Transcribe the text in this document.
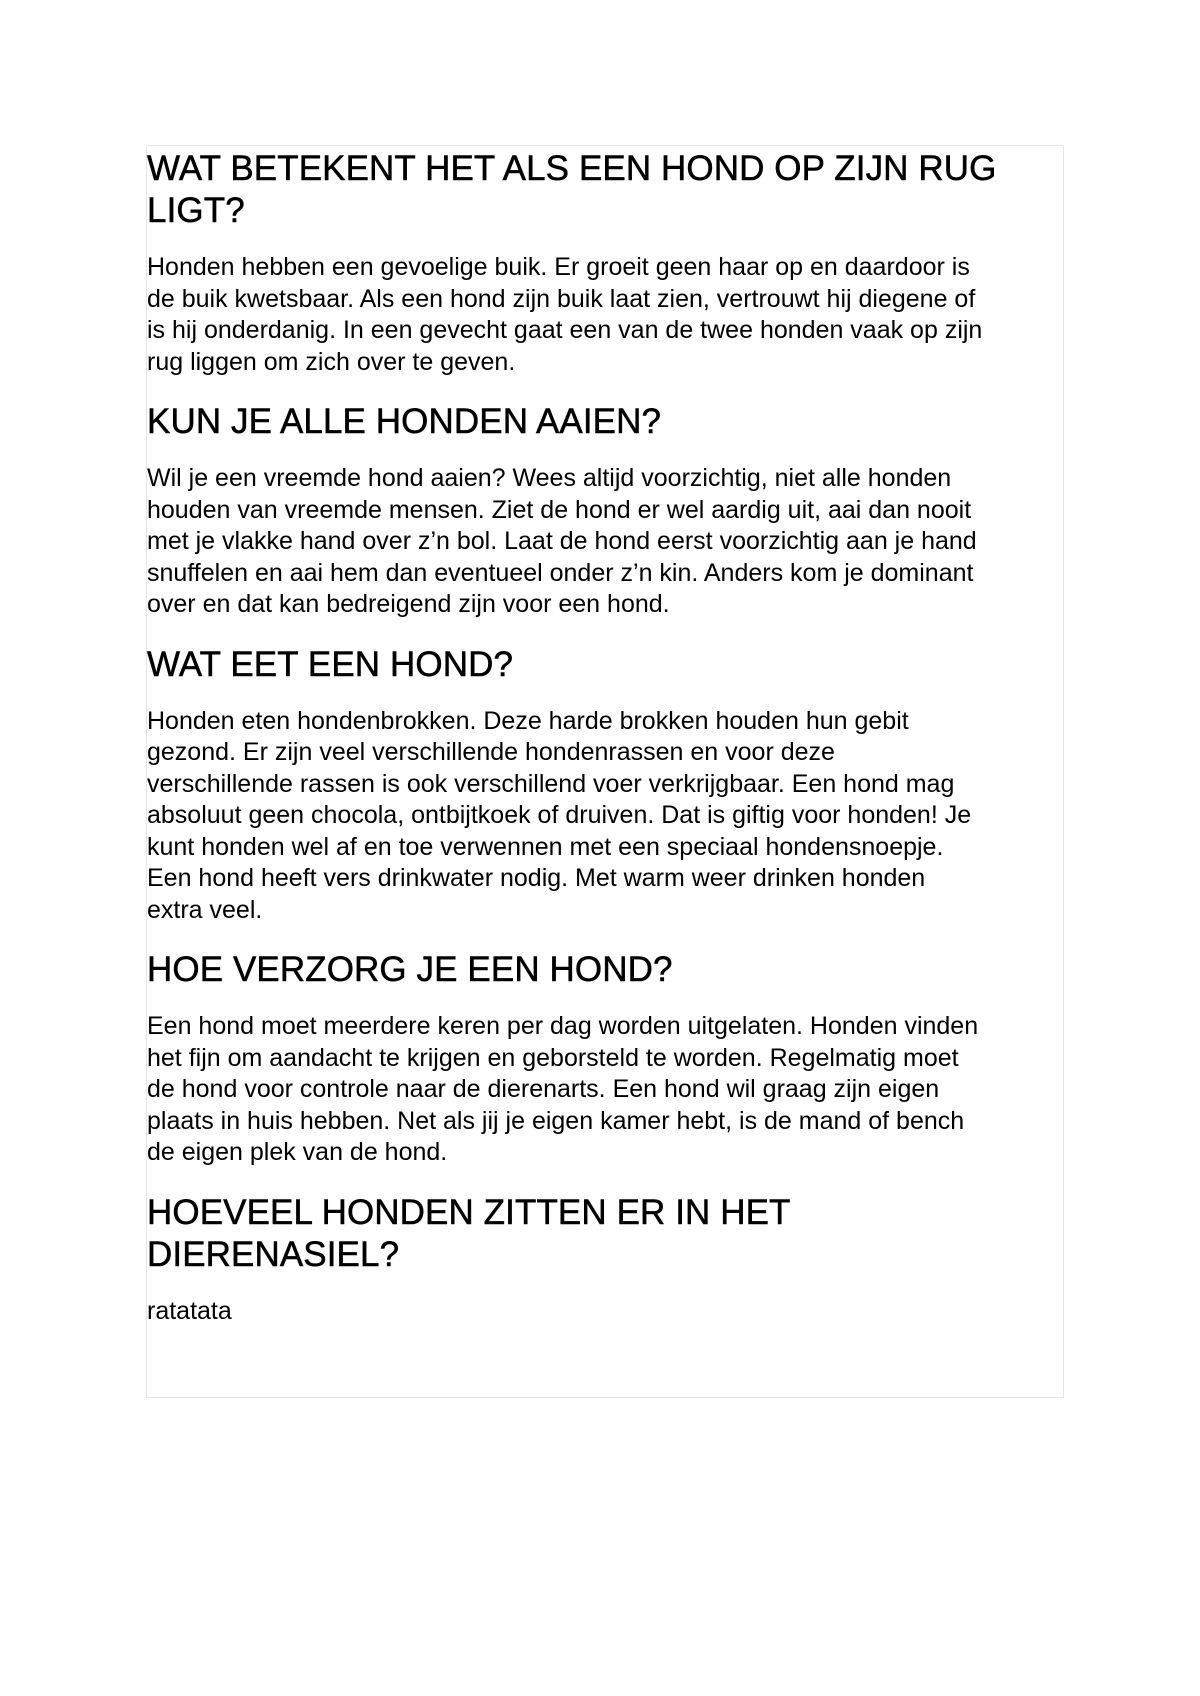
WAT BETEKENT HET ALS EEN HOND OP ZIJN RUG LIGT?

Honden hebben een gevoelige buik. Er groeit geen haar op en daardoor is

de buik kwetsbaar. Als een hond zijn buik laat zien, vertrouwt hij diegene of

is hij onderdanig. In een gevecht gaat een van de twee honden vaak op zijn

rug liggen om zich over te geven.

KUN JE ALLE HONDEN AAIEN?

Wil je een vreemde hond aaien? Wees altijd voorzichtig, niet alle honden

houden van vreemde mensen. Ziet de hond er wel aardig uit, aai dan nooit

met je vlakke hand over z’n bol. Laat de hond eerst voorzichtig aan je hand

snuffelen en aai hem dan eventueel onder z’n kin. Anders kom je dominant

over en dat kan bedreigend zijn voor een hond.

WAT EET EEN HOND?

Honden eten hondenbrokken. Deze harde brokken houden hun gebit

gezond. Er zijn veel verschillende hondenrassen en voor deze

verschillende rassen is ook verschillend voer verkrijgbaar. Een hond mag

absoluut geen chocola, ontbijtkoek of druiven. Dat is giftig voor honden! Je

kunt honden wel af en toe verwennen met een speciaal hondensnoepje.

Een hond heeft vers drinkwater nodig. Met warm weer drinken honden

extra veel.

HOE VERZORG JE EEN HOND?

Een hond moet meerdere keren per dag worden uitgelaten. Honden vinden

het fijn om aandacht te krijgen en geborsteld te worden. Regelmatig moet

de hond voor controle naar de dierenarts. Een hond wil graag zijn eigen

plaats in huis hebben. Net als jij je eigen kamer hebt, is de mand of bench

de eigen plek van de hond.

HOEVEEL HONDEN ZITTEN ER IN HET DIERENASIEL?

ratatata
